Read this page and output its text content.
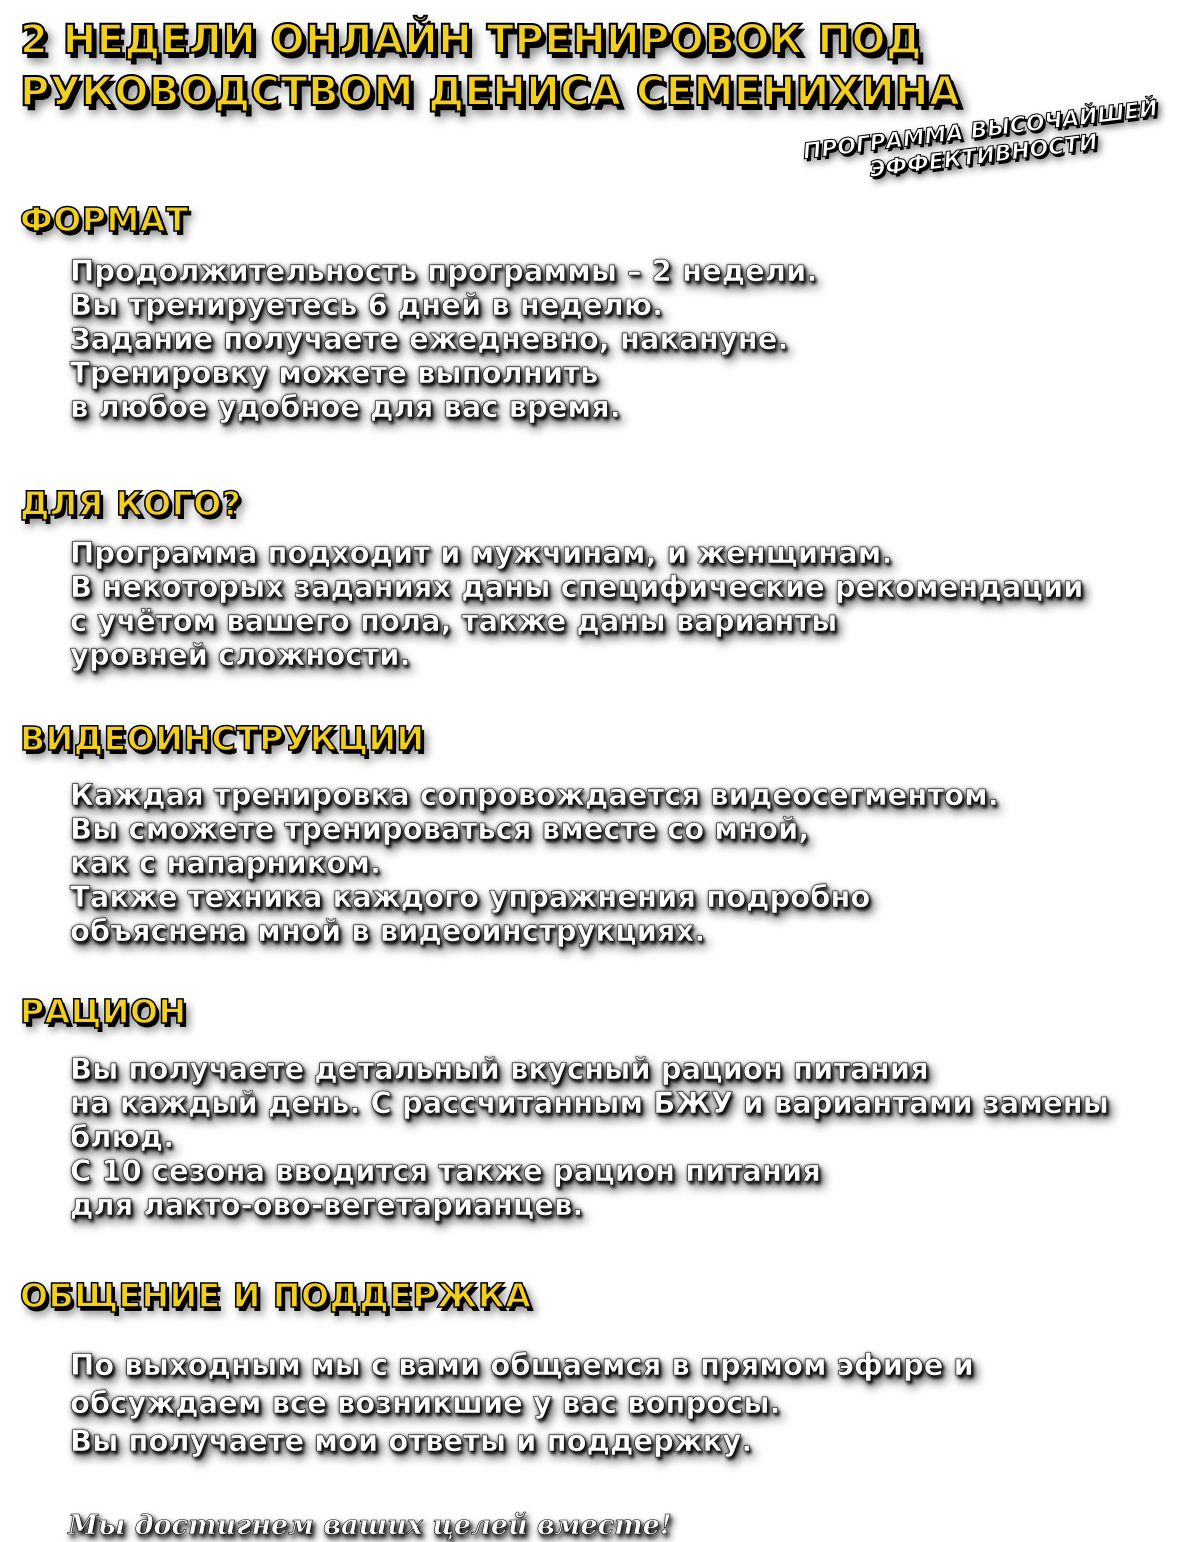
2 НЕДЕЛИ ОНЛАЙН ТРЕНИРОВОК ПОД
РУКОВОДСТВОМ ДЕНИСА СЕМЕНИХИНА
ПРОГРАММА ВЫСОЧАЙШЕЙ
ЭФФЕКТИВНОСТИ
ФОРМАТ

Продолжительность программы – 2 недели.
Вы тренируетесь 6 дней в неделю.
Задание получаете ежедневно, накануне.
Тренировку можете выполнить
в любое удобное для вас время.

ДЛЯ КОГО?

Программа подходит и мужчинам, и женщинам.
В некоторых заданиях даны специфические рекомендации
с учётом вашего пола, также даны варианты
уровней сложности.

ВИДЕОИНСТРУКЦИИ

Каждая тренировка сопровождается видеосегментом.
Вы сможете тренироваться вместе со мной,
как с напарником.
Также техника каждого упражнения подробно
объяснена мной в видеоинструкциях.

РАЦИОН

Вы получаете детальный вкусный рацион питания
на каждый день. С рассчитанным БЖУ и вариантами замены
блюд.
С 10 сезона вводится также рацион питания
для лакто-ово-вегетарианцев.

ОБЩЕНИЕ И ПОДДЕРЖКА

По выходным мы с вами общаемся в прямом эфире и
обсуждаем все возникшие у вас вопросы.
Вы получаете мои ответы и поддержку.

Мы достигнем ваших целей вместе!
